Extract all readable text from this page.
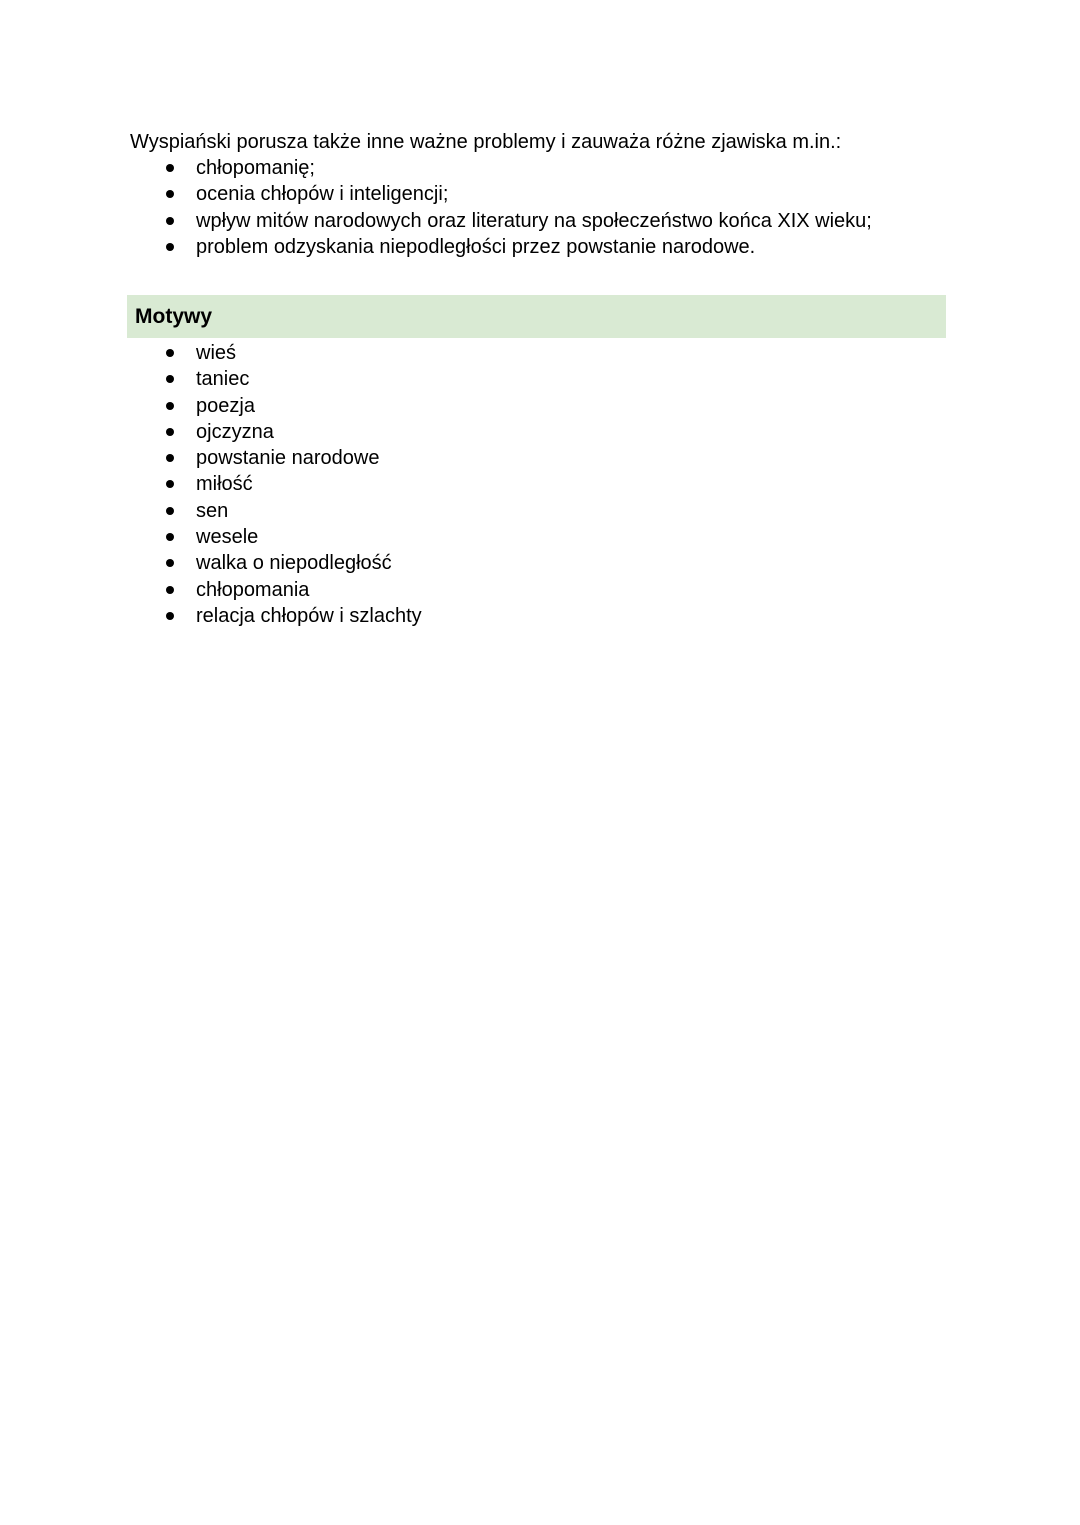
Wyspiański porusza także inne ważne problemy i zauważa różne zjawiska m.in.:

chłopomanię;
ocenia chłopów i inteligencji;
wpływ mitów narodowych oraz literatury na społeczeństwo końca XIX wieku;
problem odzyskania niepodległości przez powstanie narodowe.
Motywy
wieś
taniec
poezja
ojczyzna
powstanie narodowe
miłość
sen
wesele
walka o niepodległość
chłopomania
relacja chłopów i szlachty
